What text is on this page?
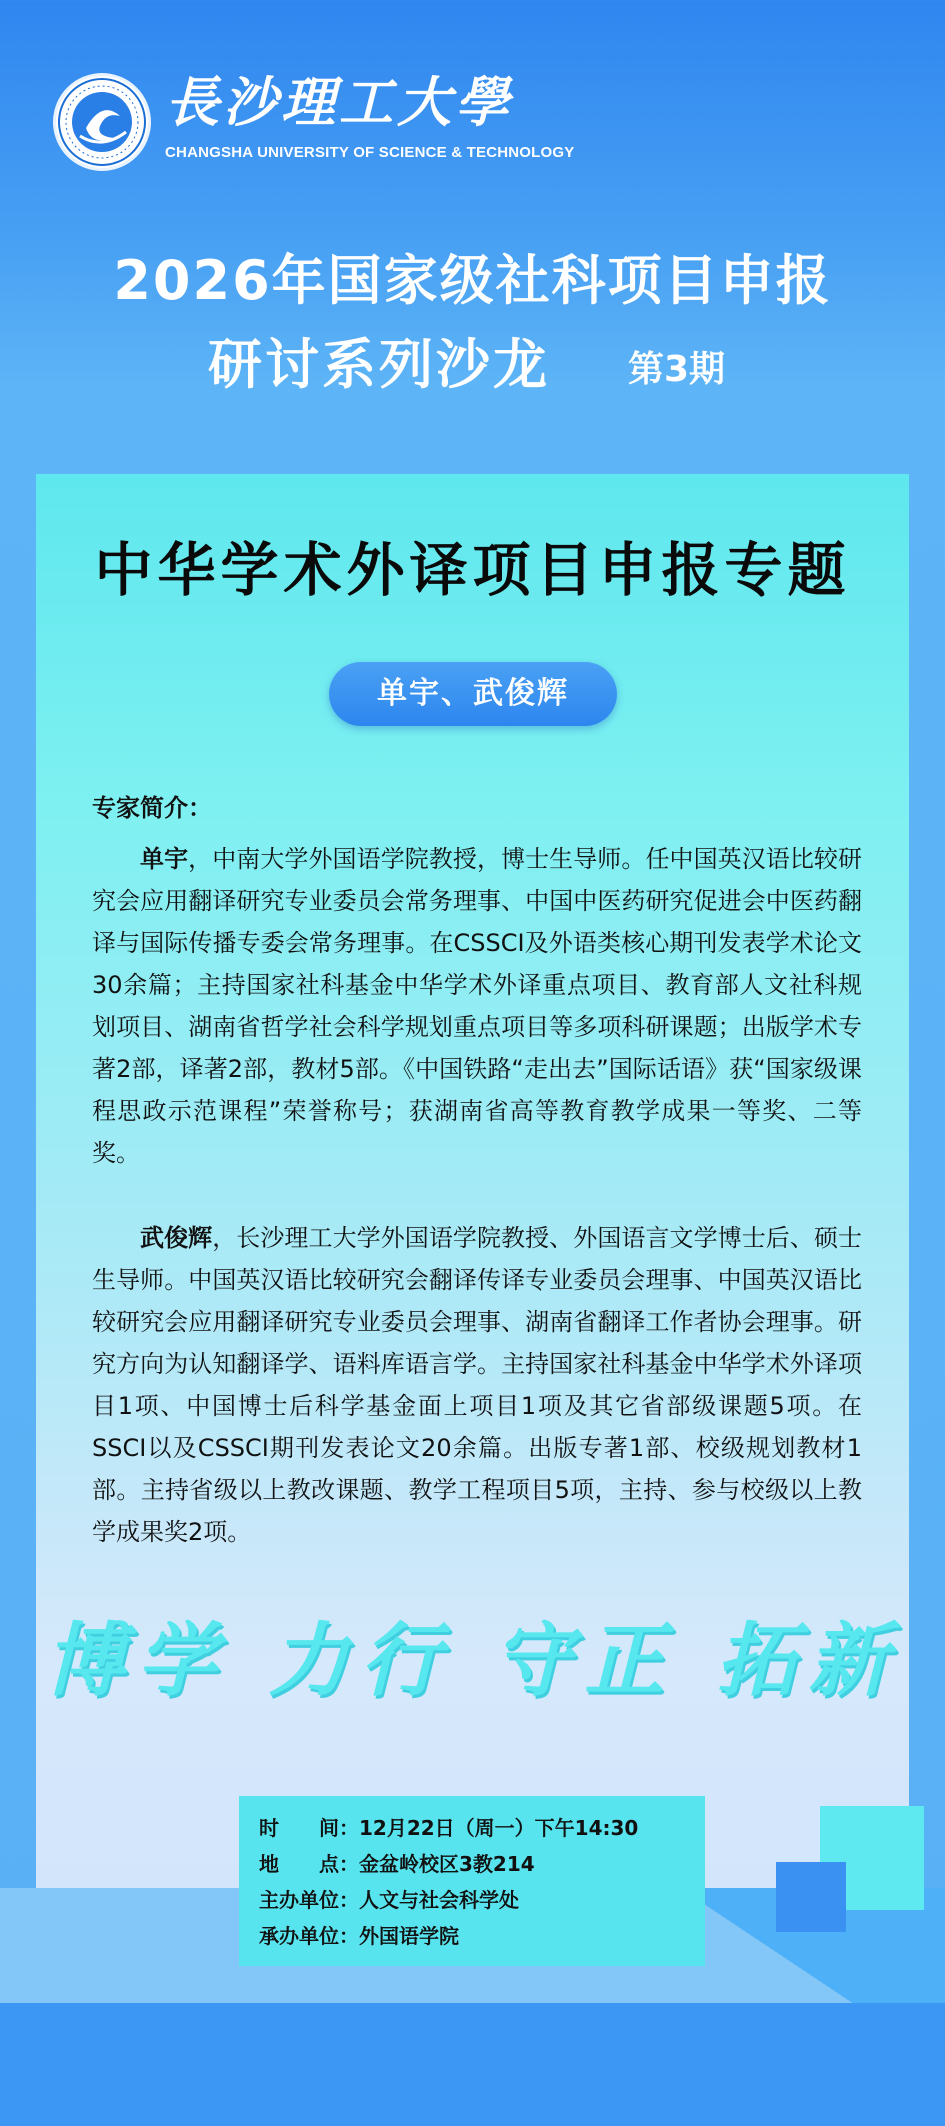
長沙理工大學
CHANGSHA UNIVERSITY OF SCIENCE & TECHNOLOGY
2026年国家级社科项目申报
研讨系列沙龙 第3期
中华学术外译项目申报专题
单宇、武俊辉
专家简介：

单宇，中南大学外国语学院教授，博士生导师。任中国英汉语比较研究会应用翻译研究专业委员会常务理事、中国中医药研究促进会中医药翻译与国际传播专委会常务理事。在CSSCI及外语类核心期刊发表学术论文30余篇；主持国家社科基金中华学术外译重点项目、教育部人文社科规划项目、湖南省哲学社会科学规划重点项目等多项科研课题；出版学术专著2部，译著2部，教材5部。《中国铁路“走出去”国际话语》获“国家级课程思政示范课程”荣誉称号；获湖南省高等教育教学成果一等奖、二等奖。

武俊辉，长沙理工大学外国语学院教授、外国语言文学博士后、硕士生导师。中国英汉语比较研究会翻译传译专业委员会理事、中国英汉语比较研究会应用翻译研究专业委员会理事、湖南省翻译工作者协会理事。研究方向为认知翻译学、语料库语言学。主持国家社科基金中华学术外译项目1项、中国博士后科学基金面上项目1项及其它省部级课题5项。在SSCI以及CSSCI期刊发表论文20余篇。出版专著1部、校级规划教材1部。主持省级以上教改课题、教学工程项目5项，主持、参与校级以上教学成果奖2项。

博学 力行 守正 拓新
时　　间：12月22日（周一）下午14:30
地　　点：金盆岭校区3教214
主办单位：人文与社会科学处
承办单位：外国语学院
